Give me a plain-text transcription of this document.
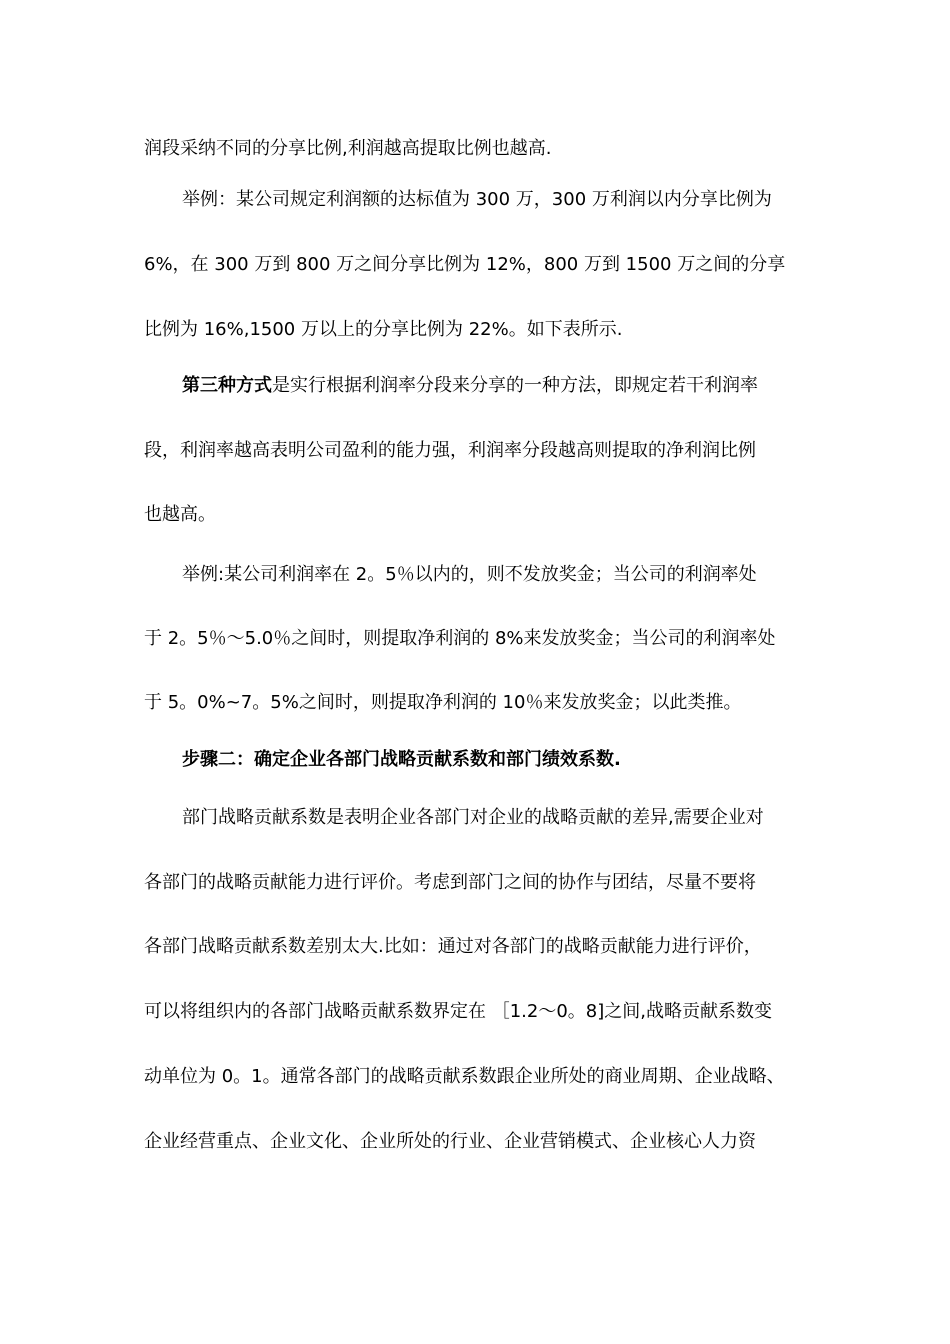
润段采纳不同的分享比例,利润越高提取比例也越高.
举例：某公司规定利润额的达标值为 300 万，300 万利润以内分享比例为
6%，在 300 万到 800 万之间分享比例为 12%，800 万到 1500 万之间的分享
比例为 16%,1500 万以上的分享比例为 22%。如下表所示.
第三种方式是实行根据利润率分段来分享的一种方法，即规定若干利润率
段，利润率越高表明公司盈利的能力强，利润率分段越高则提取的净利润比例
也越高。
举例:某公司利润率在 2。5％以内的，则不发放奖金；当公司的利润率处
于 2。5％～5.0％之间时，则提取净利润的 8%来发放奖金；当公司的利润率处
于 5。0%~7。5%之间时，则提取净利润的 10％来发放奖金；以此类推。
步骤二：确定企业各部门战略贡献系数和部门绩效系数.
部门战略贡献系数是表明企业各部门对企业的战略贡献的差异,需要企业对
各部门的战略贡献能力进行评价。考虑到部门之间的协作与团结，尽量不要将
各部门战略贡献系数差别太大.比如：通过对各部门的战略贡献能力进行评价，
可以将组织内的各部门战略贡献系数界定在 ［1.2～0。8]之间,战略贡献系数变
动单位为 0。1。通常各部门的战略贡献系数跟企业所处的商业周期、企业战略、
企业经营重点、企业文化、企业所处的行业、企业营销模式、企业核心人力资
